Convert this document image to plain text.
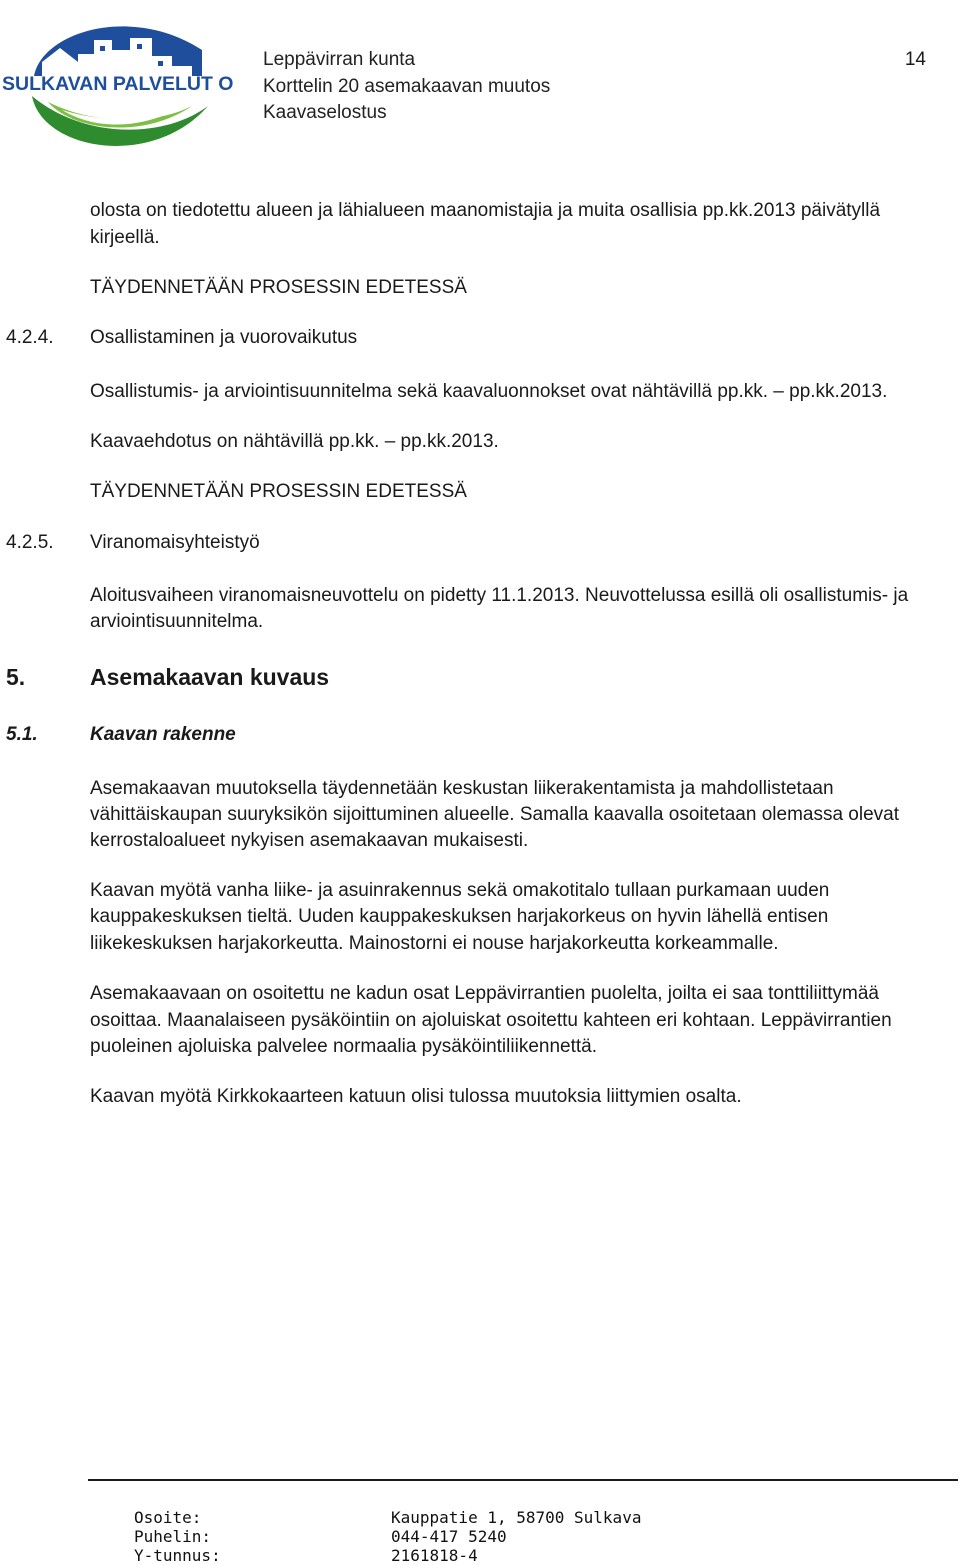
SULKAVAN PALVELUT OY
Leppävirran kunta
Korttelin 20 asemakaavan muutos
Kaavaselostus
14
olosta on tiedotettu alueen ja lähialueen maanomistajia ja muita osallisia pp.kk.2013 päivätyllä
kirjeellä.
TÄYDENNETÄÄN PROSESSIN EDETESSÄ
4.2.4. Osallistaminen ja vuorovaikutus
Osallistumis- ja arviointisuunnitelma sekä kaavaluonnokset ovat nähtävillä pp.kk. – pp.kk.2013.
Kaavaehdotus on nähtävillä pp.kk. – pp.kk.2013.
TÄYDENNETÄÄN PROSESSIN EDETESSÄ
4.2.5. Viranomaisyhteistyö
Aloitusvaiheen viranomaisneuvottelu on pidetty 11.1.2013. Neuvottelussa esillä oli osallistumis- ja
arviointisuunnitelma.
5.	Asemakaavan kuvaus
5.1.	Kaavan rakenne
Asemakaavan muutoksella täydennetään keskustan liikerakentamista ja mahdollistetaan
vähittäiskaupan suuryksikön sijoittuminen alueelle. Samalla kaavalla osoitetaan olemassa olevat
kerrostaloalueet nykyisen asemakaavan mukaisesti.
Kaavan myötä vanha liike- ja asuinrakennus sekä omakotitalo tullaan purkamaan uuden
kauppakeskuksen tieltä. Uuden kauppakeskuksen harjakorkeus on hyvin lähellä entisen
liikekeskuksen harjakorkeutta. Mainostorni ei nouse harjakorkeutta korkeammalle.
Asemakaavaan on osoitettu ne kadun osat Leppävirrantien puolelta, joilta ei saa tonttiliittymää
osoittaa. Maanalaiseen pysäköintiin on ajoluiskat osoitettu kahteen eri kohtaan. Leppävirrantien
puoleinen ajoluiska palvelee normaalia pysäköintiliikennettä.
Kaavan myötä Kirkkokaarteen katuun olisi tulossa muutoksia liittymien osalta.
Osoite:	Kauppatie 1, 58700 Sulkava
Puhelin:	044-417 5240
Y-tunnus:	2161818-4
